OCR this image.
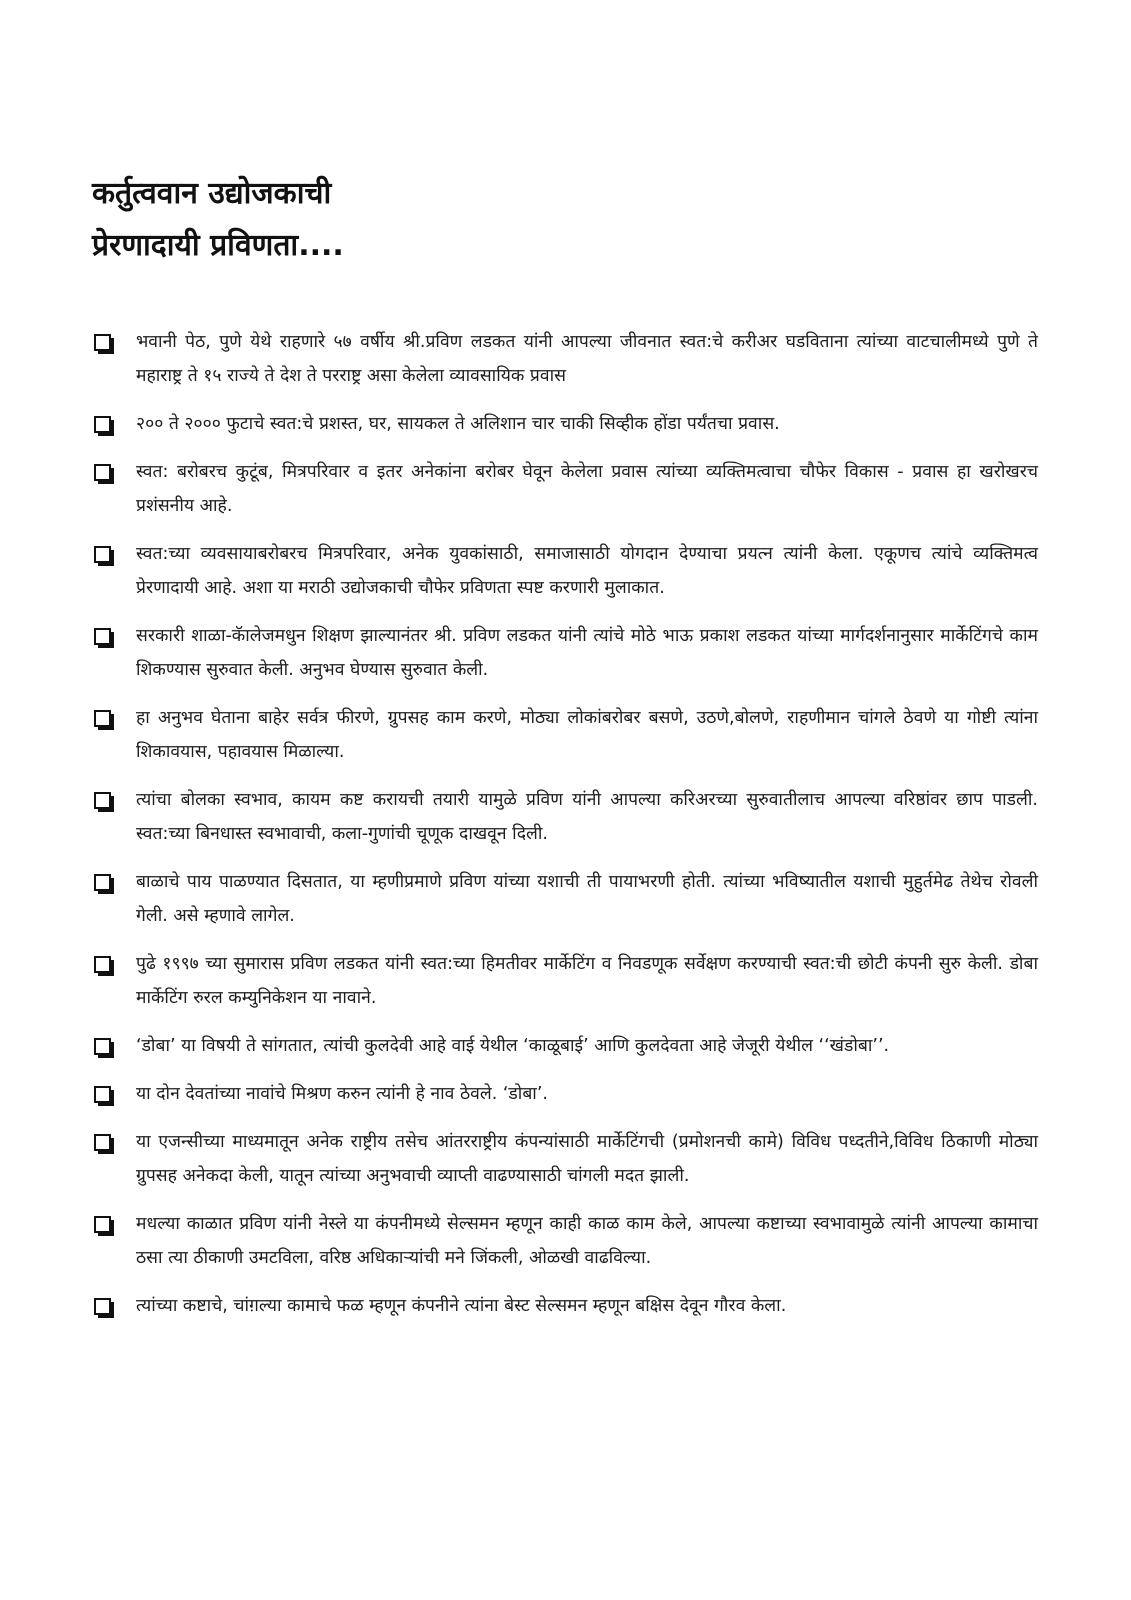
कर्तुत्ववान उद्योजकाची
प्रेरणादायी प्रविणता....
भवानी पेठ, पुणे येथे राहणारे ५७ वर्षीय श्री.प्रविण लडकत यांनी आपल्या जीवनात स्वत:चे करीअर घडविताना त्यांच्या वाटचालीमध्ये पुणे ते महाराष्ट्र ते १५ राज्ये ते देश ते परराष्ट्र असा केलेला व्यावसायिक प्रवास
२०० ते २००० फुटाचे स्वत:चे प्रशस्त, घर, सायकल ते अलिशान चार चाकी सिव्हीक होंडा पर्यंतचा प्रवास.
स्वत: बरोबरच कुटूंब, मित्रपरिवार व इतर अनेकांना बरोबर घेवून केलेला प्रवास त्यांच्या व्यक्तिमत्वाचा चौफेर विकास - प्रवास हा खरोखरच प्रशंसनीय आहे.
स्वत:च्या व्यवसायाबरोबरच मित्रपरिवार, अनेक युवकांसाठी, समाजासाठी योगदान देण्याचा प्रयत्न त्यांनी केला. एकूणच त्यांचे व्यक्तिमत्व प्रेरणादायी आहे. अशा या मराठी उद्योजकाची चौफेर प्रविणता स्पष्ट करणारी मुलाकात.
सरकारी शाळा-कॅालेजमधुन शिक्षण झाल्यानंतर श्री. प्रविण लडकत यांनी त्यांचे मोठे भाऊ प्रकाश लडकत यांच्या मार्गदर्शनानुसार मार्केटिंगचे काम शिकण्यास सुरुवात केली. अनुभव घेण्यास सुरुवात केली.
हा अनुभव घेताना बाहेर सर्वत्र फीरणे, ग्रुपसह काम करणे, मोठ्या लोकांबरोबर बसणे, उठणे,बोलणे, राहणीमान चांगले ठेवणे या गोष्टी त्यांना शिकावयास, पहावयास मिळाल्या.
त्यांचा बोलका स्वभाव, कायम कष्ट करायची तयारी यामुळे प्रविण यांनी आपल्या करिअरच्या सुरुवातीलाच आपल्या वरिष्ठांवर छाप पाडली. स्वत:च्या बिनधास्त स्वभावाची, कला-गुणांची चूणूक दाखवून दिली.
बाळाचे पाय पाळण्यात दिसतात, या म्हणीप्रमाणे प्रविण यांच्या यशाची ती पायाभरणी होती. त्यांच्या भविष्यातील यशाची मुहुर्तमेढ तेथेच रोवली गेली. असे म्हणावे लागेल.
पुढे १९९७ च्या सुमारास प्रविण लडकत यांनी स्वत:च्या हिमतीवर मार्केटिंग व निवडणूक सर्वेक्षण करण्याची स्वत:ची छोटी कंपनी सुरु केली. डोबा मार्केटिंग रुरल कम्युनिकेशन या नावाने.
‘डोबा’ या विषयी ते सांगतात, त्यांची कुलदेवी आहे वाई येथील ‘काळूबाई’ आणि कुलदेवता आहे जेजूरी येथील ‘‘खंडोबा’’.
या दोन देवतांच्या नावांचे मिश्रण करुन त्यांनी हे नाव ठेवले. ‘डोबा’.
या एजन्सीच्या माध्यमातून अनेक राष्ट्रीय तसेच आंतरराष्ट्रीय कंपन्यांसाठी मार्केटिंगची (प्रमोशनची कामे) विविध पध्दतीने,विविध ठिकाणी मोठ्या ग्रुपसह अनेकदा केली, यातून त्यांच्या अनुभवाची व्याप्ती वाढण्यासाठी चांगली मदत झाली.
मधल्या काळात प्रविण यांनी नेस्ले या कंपनीमध्ये सेल्समन म्हणून काही काळ काम केले, आपल्या कष्टाच्या स्वभावामुळे त्यांनी आपल्या कामाचा ठसा त्या ठीकाणी उमटविला, वरिष्ठ अधिकाऱ्यांची मने जिंकली, ओळखी वाढविल्या.
त्यांच्या कष्टाचे, चांग़ल्या कामाचे फळ म्हणून कंपनीने त्यांना बेस्ट सेल्समन म्हणून बक्षिस देवून गौरव केला.
